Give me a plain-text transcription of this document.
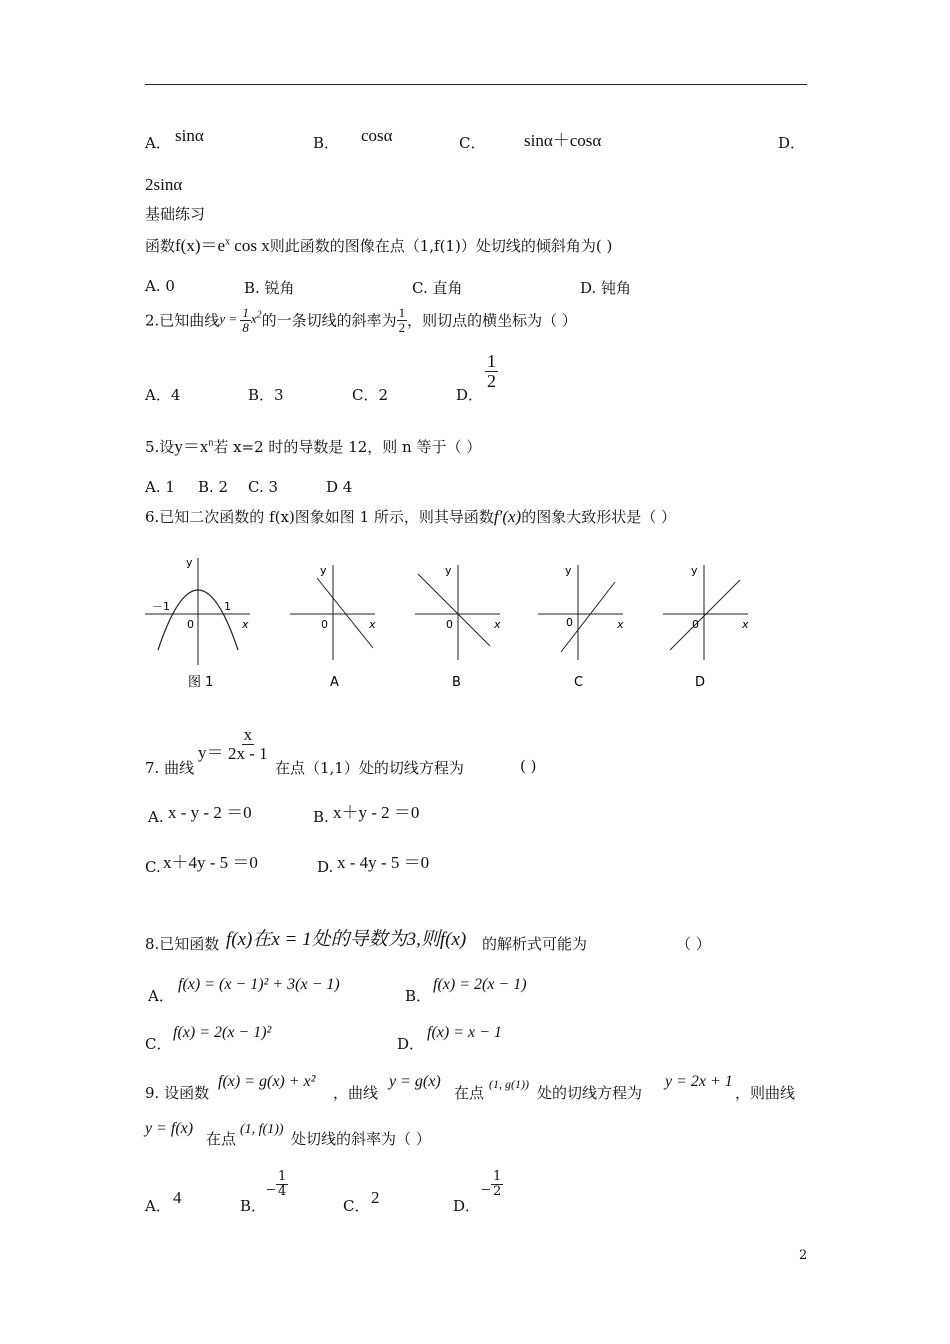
A． sinα	B． cosα	C． sinα＋cosα	D．
2sinα
基础练习
函数$f(x)=e^x$ cos x则此函数的图像在点（1,f(1)）处切线的倾斜角为( )
A. 0	B. 锐角	C. 直角	D. 钝角
2.已知曲线$y = \frac{1}{8} x^2$的一条切线的斜率为 $\frac{1}{2}$ ，则切点的横坐标为（ ）
A．4	B．3	C．2	D．
$\frac{1}{2}$
5.设$y=x^n$若 x=2 时的导数是 12，则 n 等于（ ）
A. 1 B. 2 C. 3	D 4
6.已知二次函数的 f(x)图象如图 1 所示，则其导函数f′(x)的图象大致形状是（ ）
y
x
0
－1	1
图 1
y
x
0
A
y
x
0
B
y
x
0
C
y
x
0
D
7. 曲线
$y= \frac{x}{2x - 1}$
在点（1,1）处的切线方程为	( )
A. x - y - 2 ＝0	B. x＋y - 2 ＝0
C. x＋4y - 5 ＝0	D. x - 4y - 5 ＝0
8.已知函数 f(x)在x = 1处的导数为3,则f(x) 的解析式可能为	（ ）
A．
f(x) = (x − 1)² + 3(x − 1)
B．
f(x) = 2(x − 1)
C．
f(x) = 2(x − 1)²
D．
f(x) = x − 1
9. 设函数
f(x) = g(x) + x²
，曲线
y = g(x)
在点 (1, g(1)) 处的切线方程为
y = 2x + 1
，则曲线
y = f(x)
在点
(1, f(1))
处切线的斜率为（ ）
A． 4	B．
− $\frac{1}{4}$
C． 2	D．
− $\frac{1}{2}$
2
